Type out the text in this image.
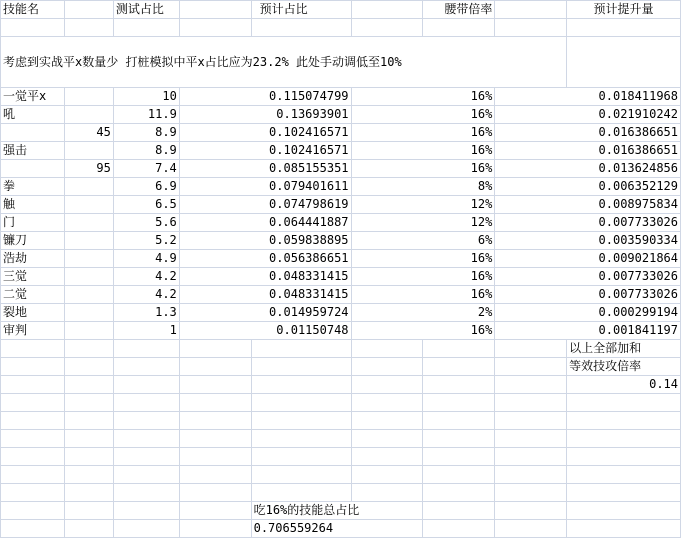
技能名		测试占比		预计占比		腰带倍率		预计提升量

考虑到实战平x数量少 打桩模拟中平x占比应为23.2% 此处手动调低至10%								
一觉平x		10	0.115074799		16%		0.018411968	
吼		11.9	0.13693901		16%		0.021910242	
	45	8.9	0.102416571		16%		0.016386651	
强击		8.9	0.102416571		16%		0.016386651	
	95	7.4	0.085155351		16%		0.013624856	
拳		6.9	0.079401611		8%		0.006352129	
触		6.5	0.074798619		12%		0.008975834	
门		5.6	0.064441887		12%		0.007733026	
镰刀		5.2	0.059838895		6%		0.003590334	
浩劫		4.9	0.056386651		16%		0.009021864	
三觉		4.2	0.048331415		16%		0.007733026	
二觉		4.2	0.048331415		16%		0.007733026	
裂地		1.3	0.014959724		2%		0.000299194	
审判		1	0.01150748		16%		0.001841197	
								以上全部加和
								等效技攻倍率
								0.14

				吃16%的技能总占比				
				0.706559264				
